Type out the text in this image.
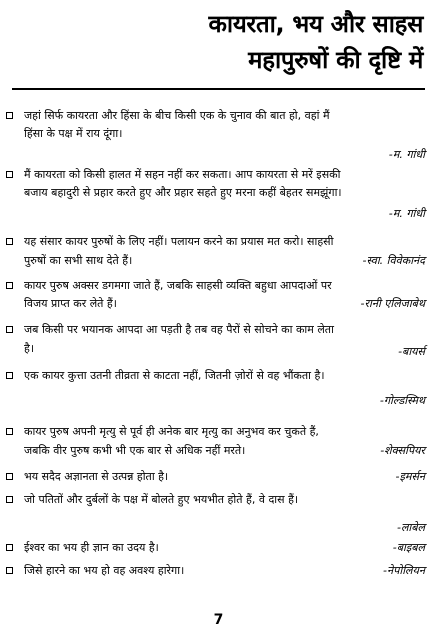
कायरता, भय और साहस
महापुरुषों की दृष्टि में
जहां सिर्फ कायरता और हिंसा के बीच किसी एक के चुनाव की बात हो, वहां मैं
हिंसा के पक्ष में राय दूंगा।
-म. गांधी
मैं कायरता को किसी हालत में सहन नहीं कर सकता। आप कायरता से मरें इसकी
बजाय बहादुरी से प्रहार करते हुए और प्रहार सहते हुए मरना कहीं बेहतर समझूंगा।
-म. गांधी
यह संसार कायर पुरुषों के लिए नहीं। पलायन करने का प्रयास मत करो। साहसी
पुरुषों का सभी साथ देते हैं।	-स्वा. विवेकानंद
कायर पुरुष अक्सर डगमगा जाते हैं, जबकि साहसी व्यक्ति बहुधा आपदाओं पर
विजय प्राप्त कर लेते हैं।	-रानी एलिजाबेथ
जब किसी पर भयानक आपदा आ पड़ती है तब वह पैरों से सोचने का काम लेता
है।	-बायर्स
एक कायर कुत्ता उतनी तीव्रता से काटता नहीं, जितनी ज़ोरों से वह भौंकता है।
-गोल्डस्मिथ
कायर पुरुष अपनी मृत्यु से पूर्व ही अनेक बार मृत्यु का अनुभव कर चुकते हैं,
जबकि वीर पुरुष कभी भी एक बार से अधिक नहीं मरते।	-शेक्सपियर
भय सदैद अज्ञानता से उत्पन्न होता है।	-इमर्सन
जो पतितों और दुर्बलों के पक्ष में बोलते हुए भयभीत होते हैं, वे दास हैं।
-लाबेल
ईश्वर का भय ही ज्ञान का उदय है।	-बाइबल
जिसे हारने का भय हो वह अवश्य हारेगा।	-नेपोलियन
7
